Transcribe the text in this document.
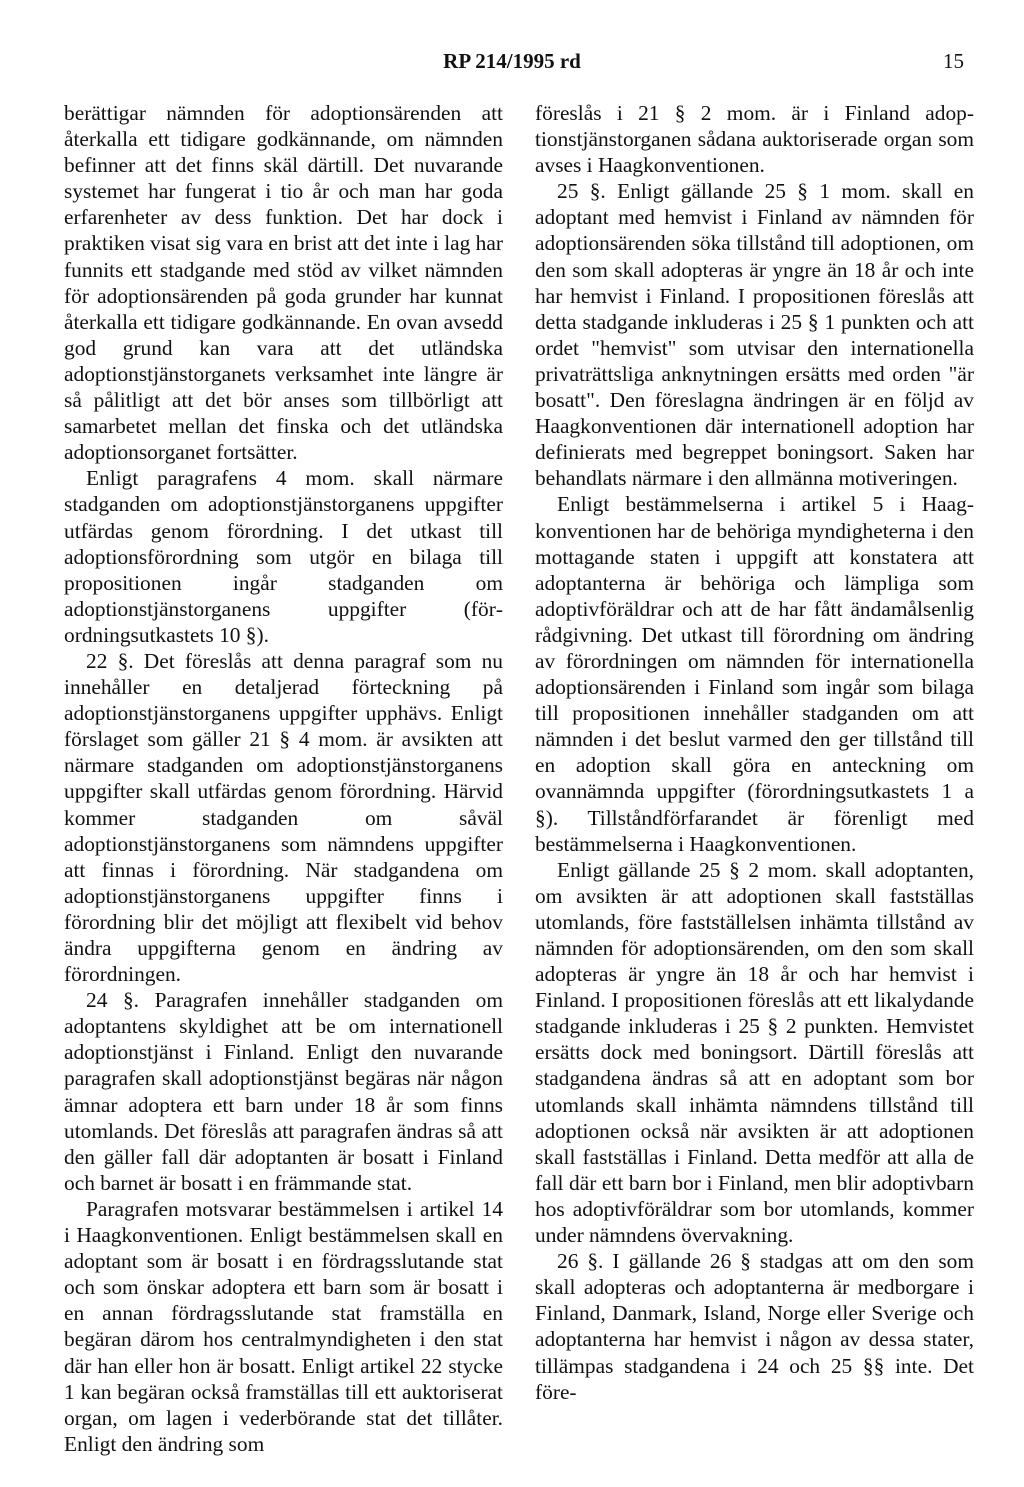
RP 214/1995 rd	15

berättigar nämnden för adoptionsärenden att återkalla ett tidigare godkännande, om nämnden befinner att det finns skäl därtill. Det nuvarande systemet har fungerat i tio år och man har goda erfarenheter av dess funktion. Det har dock i praktiken visat sig vara en brist att det inte i lag har funnits ett stadgande med stöd av vilket nämnden för adoptionsärenden på goda grunder har kunnat återkalla ett tidigare godkännande. En ovan avsedd god grund kan vara att det utländska adoptionstjänstorganets verksamhet inte längre är så pålitligt att det bör anses som tillbörligt att samarbetet mellan det finska och det utländska adoptionsorganet fortsätter.

Enligt paragrafens 4 mom. skall närmare stadganden om adoptionstjänstorganens uppgifter utfärdas genom förordning. I det utkast till adoptionsförordning som utgör en bilaga till propositionen ingår stadganden om adoptionstjänstorganens uppgifter (förordningsutkastets 10 §).

22 §. Det föreslås att denna paragraf som nu innehåller en detaljerad förteckning på adoptionstjänstorganens uppgifter upphävs. Enligt förslaget som gäller 21 § 4 mom. är avsikten att närmare stadganden om adoptionstjänstorganens uppgifter skall utfärdas genom förordning. Härvid kommer stadganden om såväl adoptionstjänstorganens som nämndens uppgifter att finnas i förordning. När stadgandena om adoptionstjänstorganens uppgifter finns i förordning blir det möjligt att flexibelt vid behov ändra uppgifterna genom en ändring av förordningen.

24 §. Paragrafen innehåller stadganden om adoptantens skyldighet att be om internationell adoptionstjänst i Finland. Enligt den nuvarande paragrafen skall adoptionstjänst begäras när någon ämnar adoptera ett barn under 18 år som finns utomlands. Det föreslås att paragrafen ändras så att den gäller fall där adoptanten är bosatt i Finland och barnet är bosatt i en främmande stat.

Paragrafen motsvarar bestämmelsen i artikel 14 i Haagkonventionen. Enligt bestämmelsen skall en adoptant som är bosatt i en fördragsslutande stat och som önskar adoptera ett barn som är bosatt i en annan fördragsslutande stat framställa en begäran därom hos centralmyndigheten i den stat där han eller hon är bosatt. Enligt artikel 22 stycke 1 kan begäran också framställas till ett auktoriserat organ, om lagen i vederbörande stat det tillåter. Enligt den ändring som

föreslås i 21 § 2 mom. är i Finland adoptionstjänstorganen sådana auktoriserade organ som avses i Haagkonventionen.

25 §. Enligt gällande 25 § 1 mom. skall en adoptant med hemvist i Finland av nämnden för adoptionsärenden söka tillstånd till adoptionen, om den som skall adopteras är yngre än 18 år och inte har hemvist i Finland. I propositionen föreslås att detta stadgande inkluderas i 25 § 1 punkten och att ordet "hemvist" som utvisar den internationella privaträttsliga anknytningen ersätts med orden "är bosatt". Den föreslagna ändringen är en följd av Haagkonventionen där internationell adoption har definierats med begreppet boningsort. Saken har behandlats närmare i den allmänna motiveringen.

Enligt bestämmelserna i artikel 5 i Haagkonventionen har de behöriga myndigheterna i den mottagande staten i uppgift att konstatera att adoptanterna är behöriga och lämpliga som adoptivföräldrar och att de har fått ändamålsenlig rådgivning. Det utkast till förordning om ändring av förordningen om nämnden för internationella adoptionsärenden i Finland som ingår som bilaga till propositionen innehåller stadganden om att nämnden i det beslut varmed den ger tillstånd till en adoption skall göra en anteckning om ovannämnda uppgifter (förordningsutkastets 1 a §). Tillståndförfarandet är förenligt med bestämmelserna i Haagkonventionen.

Enligt gällande 25 § 2 mom. skall adoptanten, om avsikten är att adoptionen skall fastställas utomlands, före fastställelsen inhämta tillstånd av nämnden för adoptionsärenden, om den som skall adopteras är yngre än 18 år och har hemvist i Finland. I propositionen föreslås att ett likalydande stadgande inkluderas i 25 § 2 punkten. Hemvistet ersätts dock med boningsort. Därtill föreslås att stadgandena ändras så att en adoptant som bor utomlands skall inhämta nämndens tillstånd till adoptionen också när avsikten är att adoptionen skall fastställas i Finland. Detta medför att alla de fall där ett barn bor i Finland, men blir adoptivbarn hos adoptivföräldrar som bor utomlands, kommer under nämndens övervakning.

26 §. I gällande 26 § stadgas att om den som skall adopteras och adoptanterna är medborgare i Finland, Danmark, Island, Norge eller Sverige och adoptanterna har hemvist i någon av dessa stater, tillämpas stadgandena i 24 och 25 §§ inte. Det före-
